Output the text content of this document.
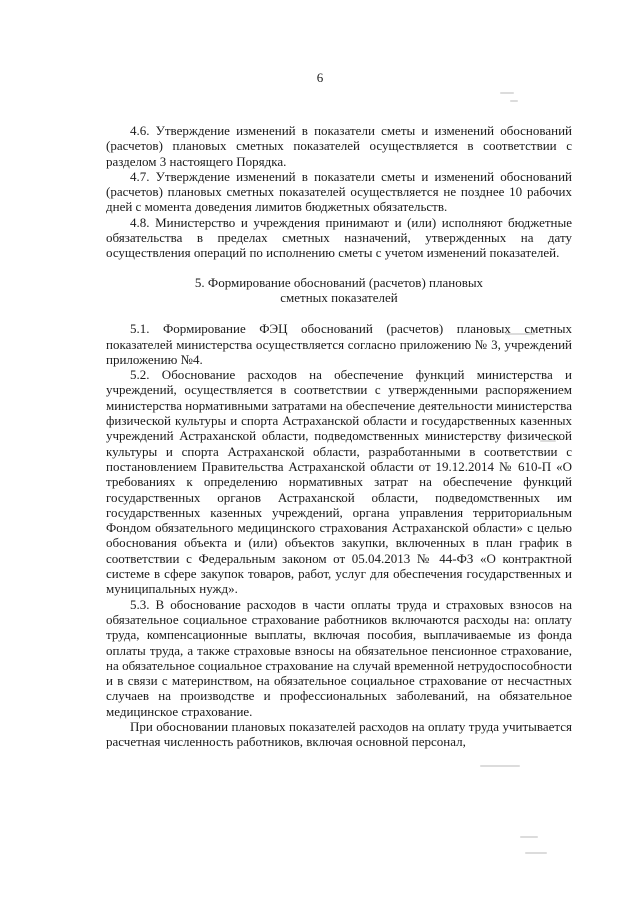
6

4.6. Утверждение изменений в показатели сметы и изменений обоснований (расчетов) плановых сметных показателей осуществляется в соответствии с разделом 3 настоящего Порядка.

4.7. Утверждение изменений в показатели сметы и изменений обоснований (расчетов) плановых сметных показателей осуществляется не позднее 10 рабочих дней с момента доведения лимитов бюджетных обязательств.

4.8. Министерство и учреждения принимают и (или) исполняют бюджетные обязательства в пределах сметных назначений, утвержденных на дату осуществления операций по исполнению сметы с учетом изменений показателей.

5. Формирование обоснований (расчетов) плановых
сметных показателей

5.1. Формирование ФЭЦ обоснований (расчетов) плановых сметных показателей министерства осуществляется согласно приложению № 3, учреждений приложению №4.

5.2. Обоснование расходов на обеспечение функций министерства и учреждений, осуществляется в соответствии с утвержденными распоряжением министерства нормативными затратами на обеспечение деятельности министерства физической культуры и спорта Астраханской области и государственных казенных учреждений Астраханской области, подведомственных министерству физической культуры и спорта Астраханской области, разработанными в соответствии с постановлением Правительства Астраханской области от 19.12.2014 № 610-П «О требованиях к определению нормативных затрат на обеспечение функций государственных органов Астраханской области, подведомственных им государственных казенных учреждений, органа управления территориальным Фондом обязательного медицинского страхования Астраханской области» с целью обоснования объекта и (или) объектов закупки, включенных в план график в соответствии с Федеральным законом от 05.04.2013 № 44-ФЗ «О контрактной системе в сфере закупок товаров, работ, услуг для обеспечения государственных и муниципальных нужд».

5.3. В обоснование расходов в части оплаты труда и страховых взносов на обязательное социальное страхование работников включаются расходы на: оплату труда, компенсационные выплаты, включая пособия, выплачиваемые из фонда оплаты труда, а также страховые взносы на обязательное пенсионное страхование, на обязательное социальное страхование на случай временной нетрудоспособности и в связи с материнством, на обязательное социальное страхование от несчастных случаев на производстве и профессиональных заболеваний, на обязательное медицинское страхование.

При обосновании плановых показателей расходов на оплату труда учитывается расчетная численность работников, включая основной персонал,
